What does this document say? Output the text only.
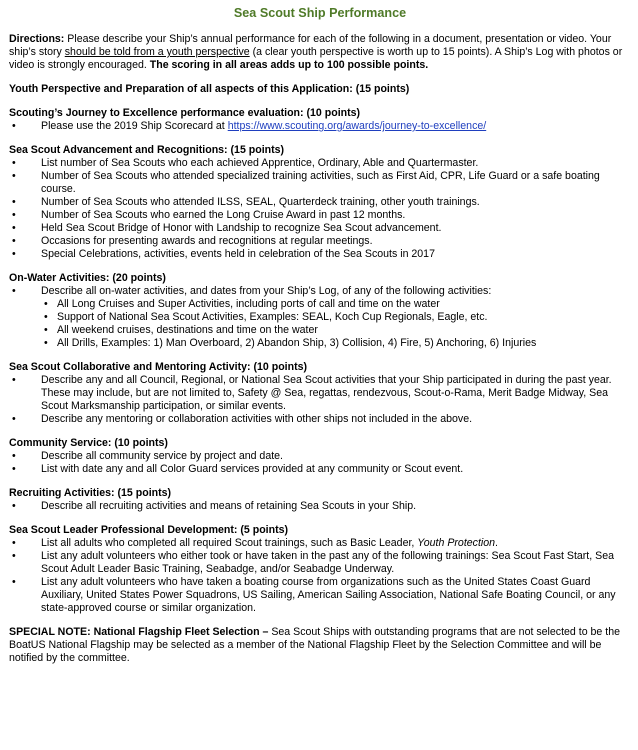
Sea Scout Ship Performance

Directions: Please describe your Ship’s annual performance for each of the following in a document, presentation or video. Your ship’s story should be told from a youth perspective (a clear youth perspective is worth up to 15 points). A Ship’s Log with photos or video is strongly encouraged. The scoring in all areas adds up to 100 possible points.

Youth Perspective and Preparation of all aspects of this Application: (15 points)

Scouting’s Journey to Excellence performance evaluation: (10 points)

• Please use the 2019 Ship Scorecard at https://www.scouting.org/awards/journey-to-excellence/

Sea Scout Advancement and Recognitions: (15 points)

• List number of Sea Scouts who each achieved Apprentice, Ordinary, Able and Quartermaster.
• Number of Sea Scouts who attended specialized training activities, such as First Aid, CPR, Life Guard or a safe boating course.
• Number of Sea Scouts who attended ILSS, SEAL, Quarterdeck training, other youth trainings.
• Number of Sea Scouts who earned the Long Cruise Award in past 12 months.
• Held Sea Scout Bridge of Honor with Landship to recognize Sea Scout advancement.
• Occasions for presenting awards and recognitions at regular meetings.
• Special Celebrations, activities, events held in celebration of the Sea Scouts in 2017

On-Water Activities: (20 points)

• Describe all on-water activities, and dates from your Ship’s Log, of any of the following activities:
• All Long Cruises and Super Activities, including ports of call and time on the water
• Support of National Sea Scout Activities, Examples: SEAL, Koch Cup Regionals, Eagle, etc.
• All weekend cruises, destinations and time on the water
• All Drills, Examples: 1) Man Overboard, 2) Abandon Ship, 3) Collision, 4) Fire, 5) Anchoring, 6) Injuries

Sea Scout Collaborative and Mentoring Activity: (10 points)

• Describe any and all Council, Regional, or National Sea Scout activities that your Ship participated in during the past year. These may include, but are not limited to, Safety @ Sea, regattas, rendezvous, Scout-o-Rama, Merit Badge Midway, Sea Scout Marksmanship participation, or similar events.
• Describe any mentoring or collaboration activities with other ships not included in the above.

Community Service: (10 points)

• Describe all community service by project and date.
• List with date any and all Color Guard services provided at any community or Scout event.

Recruiting Activities: (15 points)

• Describe all recruiting activities and means of retaining Sea Scouts in your Ship.

Sea Scout Leader Professional Development: (5 points)

• List all adults who completed all required Scout trainings, such as Basic Leader, Youth Protection.
• List any adult volunteers who either took or have taken in the past any of the following trainings: Sea Scout Fast Start, Sea Scout Adult Leader Basic Training, Seabadge, and/or Seabadge Underway.
• List any adult volunteers who have taken a boating course from organizations such as the United States Coast Guard Auxiliary, United States Power Squadrons, US Sailing, American Sailing Association, National Safe Boating Council, or any state-approved course or similar organization.

SPECIAL NOTE: National Flagship Fleet Selection – Sea Scout Ships with outstanding programs that are not selected to be the BoatUS National Flagship may be selected as a member of the National Flagship Fleet by the Selection Committee and will be notified by the committee.
